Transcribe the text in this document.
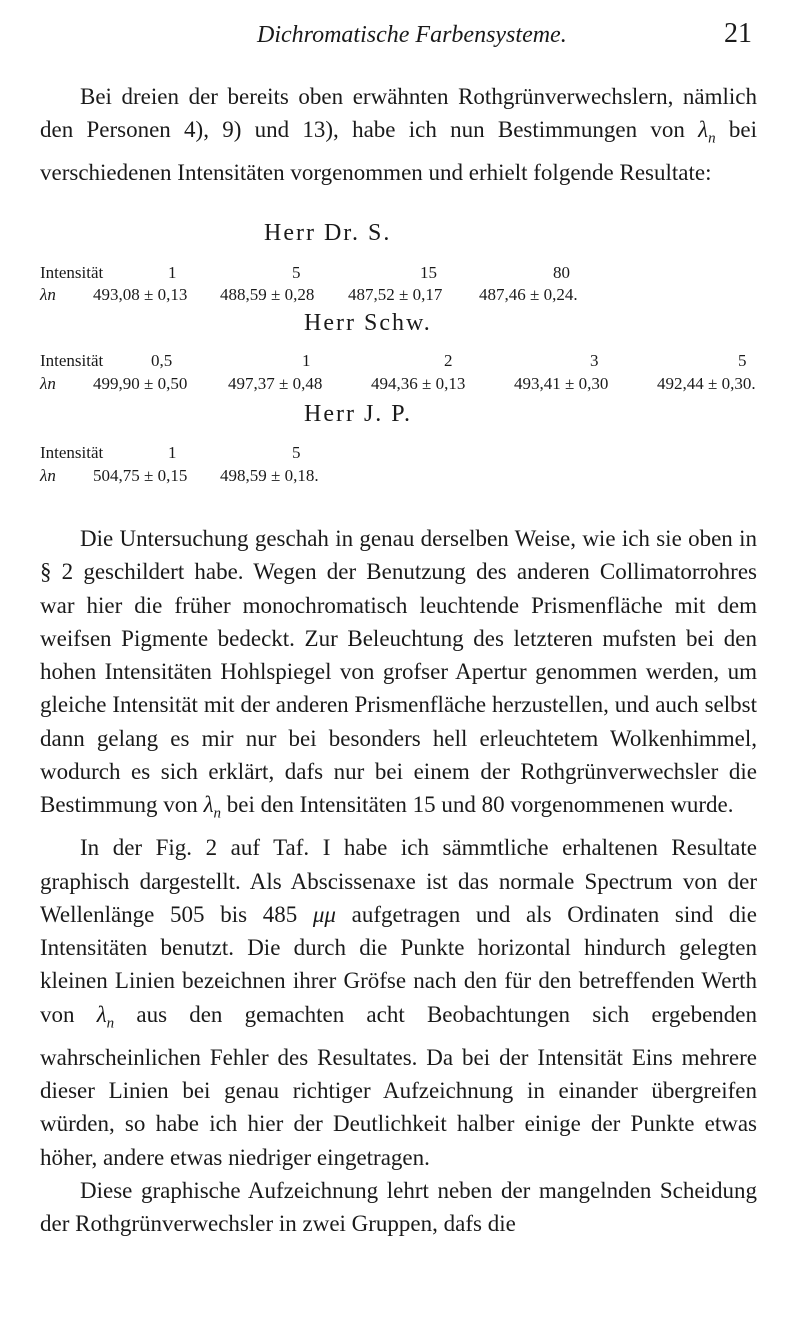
Dichromatische Farbensysteme.	21

Bei dreien der bereits oben erwähnten Rothgrünverwechslern, nämlich den Personen 4), 9) und 13), habe ich nun Bestimmungen von $\lambda_n$ bei verschiedenen Intensitäten vorgenommen und erhielt folgende Resultate:

Herr Dr. S.
Intensität	1	5	15	80
λn 493,08 ± 0,13 488,59 ± 0,28 487,52 ± 0,17 487,46 ± 0,24.
Herr Schw.
Intensität	0,5	1	2	3	5
λn 499,90 ± 0,50 497,37 ± 0,48	494,36 ± 0,13	493,41 ± 0,30	492,44 ± 0,30.
Herr J. P.
Intensität	1	5
λn 504,75 ± 0,15 498,59 ± 0,18.

Die Untersuchung geschah in genau derselben Weise, wie ich sie oben in § 2 geschildert habe. Wegen der Benutzung des anderen Collimatorrohres war hier die früher monochromatisch leuchtende Prismenfläche mit dem weifsen Pigmente bedeckt. Zur Beleuchtung des letzteren mufsten bei den hohen Intensitäten Hohlspiegel von grofser Apertur genommen werden, um gleiche Intensität mit der anderen Prismenfläche herzustellen, und auch selbst dann gelang es mir nur bei besonders hell erleuchtetem Wolkenhimmel, wodurch es sich erklärt, dafs nur bei einem der Rothgrünverwechsler die Bestimmung von $\lambda_n$ bei den Intensitäten 15 und 80 vorgenommenen wurde.

In der Fig. 2 auf Taf. I habe ich sämmtliche erhaltenen Resultate graphisch dargestellt. Als Abscissenaxe ist das normale Spectrum von der Wellenlänge 505 bis 485 μμ aufgetragen und als Ordinaten sind die Intensitäten benutzt. Die durch die Punkte horizontal hindurch gelegten kleinen Linien bezeichnen ihrer Gröfse nach den für den betreffenden Werth von $\lambda_n$ aus den gemachten acht Beobachtungen sich ergebenden wahrscheinlichen Fehler des Resultates. Da bei der Intensität Eins mehrere dieser Linien bei genau richtiger Aufzeichnung in einander übergreifen würden, so habe ich hier der Deutlichkeit halber einige der Punkte etwas höher, andere etwas niedriger eingetragen.

Diese graphische Aufzeichnung lehrt neben der mangelnden Scheidung der Rothgrünverwechsler in zwei Gruppen, dafs die
